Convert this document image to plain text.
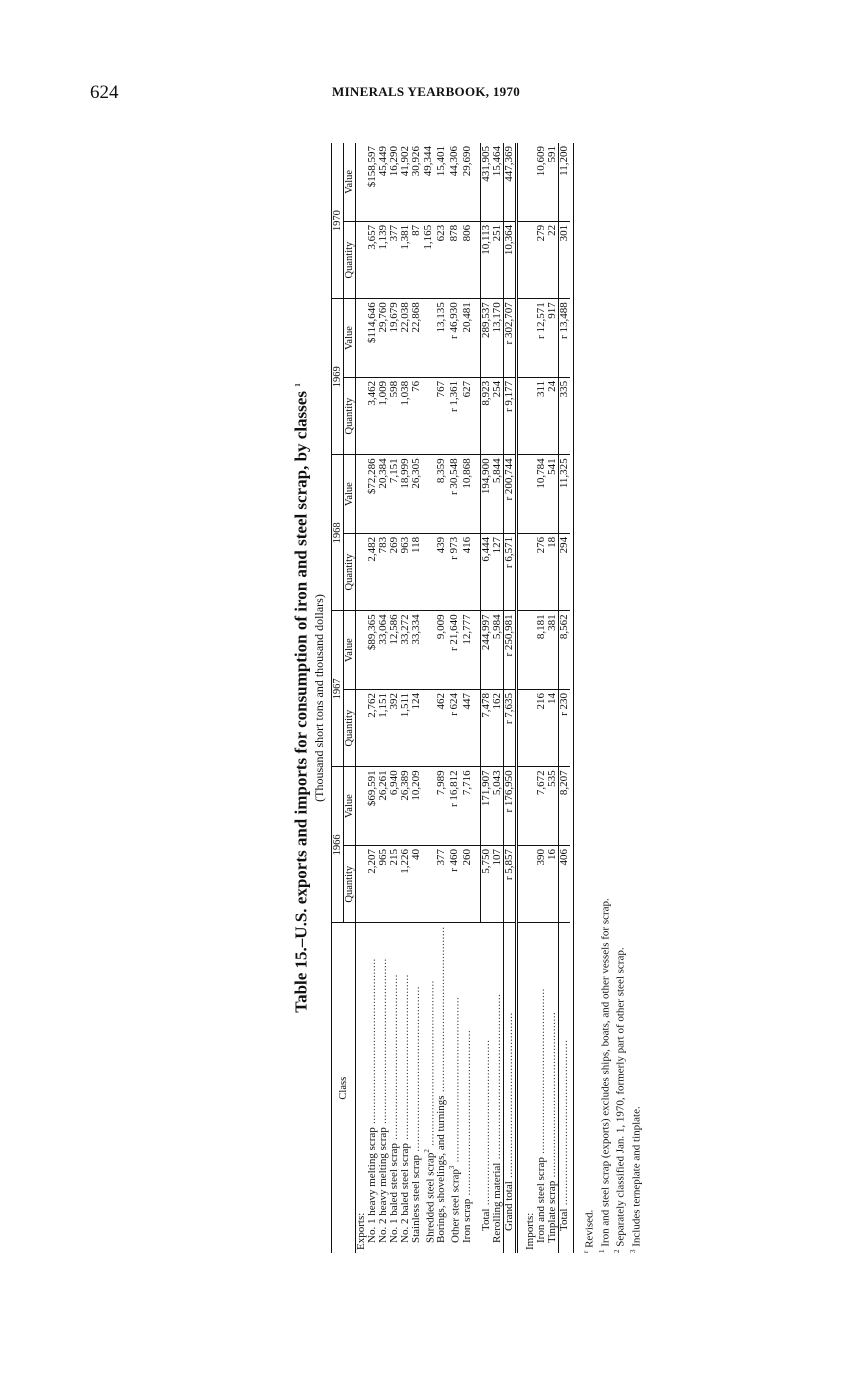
624	MINERALS YEARBOOK, 1970
Table 15.–U.S. exports and imports for consumption of iron and steel scrap, by classes $^1$
(Thousand short tons and thousand dollars)
Class	1966		1967		1968		1969		1970	
	Quantity	Value	Quantity	Value	Quantity	Value	Quantity	Value	Quantity	Value
Exports:										
No. 1 heavy melting scrap ...................................................	2,207	$69,591	2,762	$89,365	2,482	$72,286	3,462	$114,646	3,657	$158,597
No. 2 heavy melting scrap ...................................................	965	26,261	1,151	33,064	783	20,384	1,009	29,760	1,139	45,449
No. 1 baled steel scrap ...................................................	215	6,940	392	12,586	269	7,151	598	19,679	377	16,290
No. 2 baled steel scrap ...................................................	1,226	26,389	1,511	33,272	963	18,999	1,038	22,038	1,381	41,902
Stainless steel scrap ...................................................	40	10,209	124	33,334	118	26,305	76	22,868	87	30,926
Shredded steel scrap$^2$ ...................................................									1,165	49,344
Borings, shovelings, and turnings ...................................................	377	7,989	462	9,009	439	8,359	767	13,135	623	15,401
Other steel scrap$^3$ ...................................................	r 460	r 16,812	r 624	r 21,640	r 973	r 30,548	r 1,361	r 46,930	878	44,306
Iron scrap ...................................................	260	7,716	447	12,777	416	10,868	627	20,481	806	29,690

Total ...................................................	5,750	171,907	7,478	244,997	6,444	194,900	8,923	289,537	10,113	431,905
Rerolling material ...................................................	107	5,043	162	5,984	127	5,844	254	13,170	251	15,464
Grand total ...................................................	r 5,857	r 176,950	r 7,635	r 250,981	r 6,571	r 200,744	r 9,177	r 302,707	10,364	447,369

Imports:										
Iron and steel scrap ...................................................	390	7,672	216	8,181	276	10,784	311	r 12,571	279	10,609
Tinplate scrap ...................................................	16	535	14	381	18	541	24	917	22	591
Total ...................................................	406	8,207	r 230	8,562	294	11,325	335	r 13,488	301	11,200

$^r$ Revised.
$^1$ Iron and steel scrap (exports) excludes ships, boats, and other vessels for scrap.
$^2$ Separately classified Jan. 1, 1970, formerly part of other steel scrap.
$^3$ Includes terneplate and tinplate.
